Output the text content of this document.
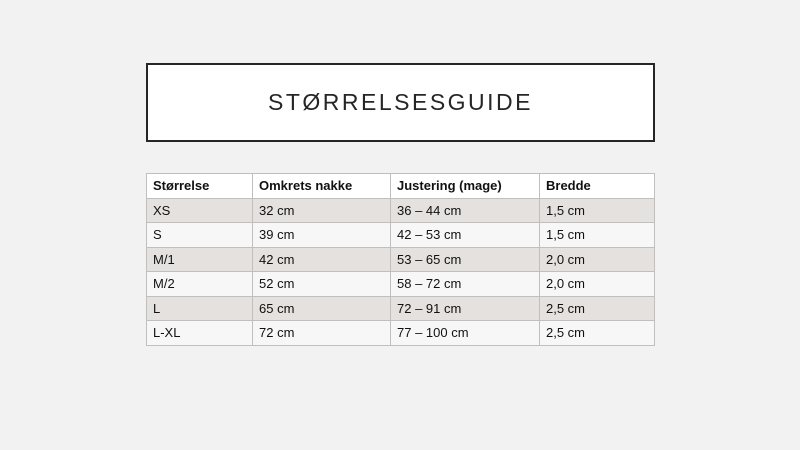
STØRRELSESGUIDE
Størrelse	Omkrets nakke	Justering (mage)	Bredde
XS	32 cm	36 – 44 cm	1,5 cm
S	39 cm	42 – 53 cm	1,5 cm
M/1	42 cm	53 – 65 cm	2,0 cm
M/2	52 cm	58 – 72 cm	2,0 cm
L	65 cm	72 – 91 cm	2,5 cm
L-XL	72 cm	77 – 100 cm	2,5 cm
